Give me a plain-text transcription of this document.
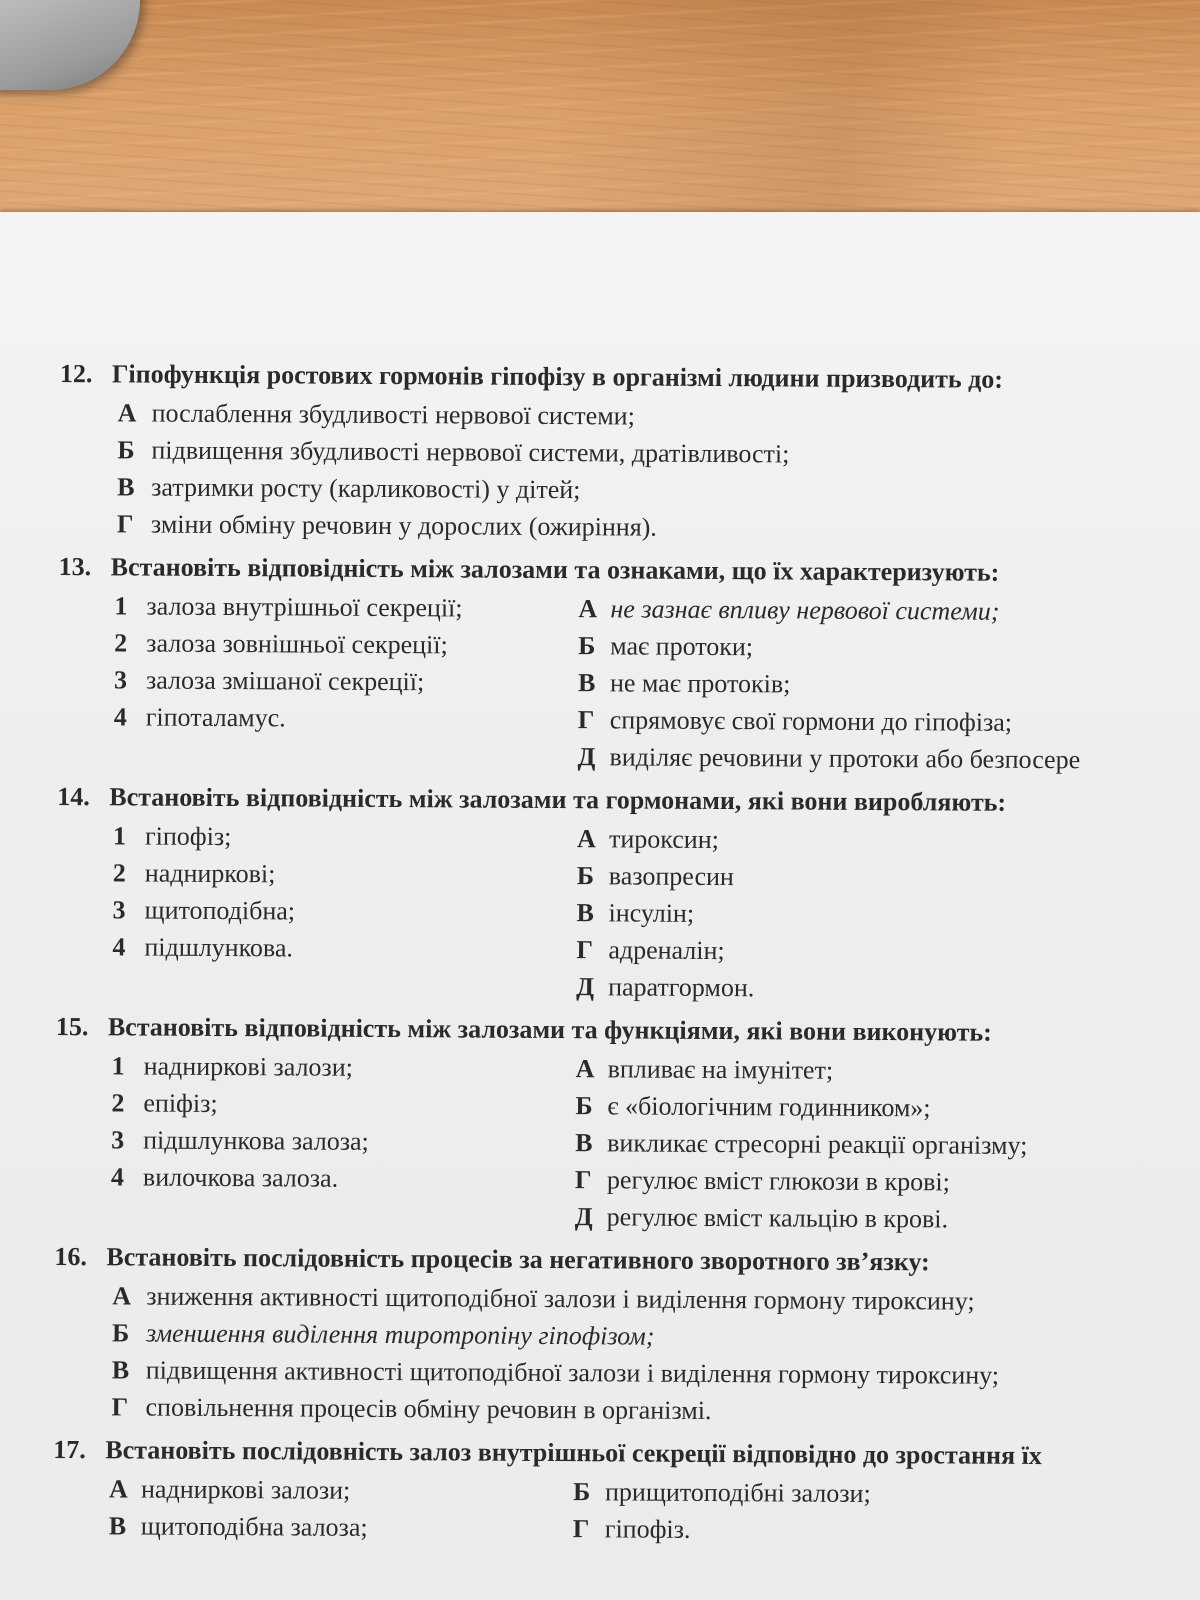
12. Гіпофункція ростових гормонів гіпофізу в організмі людини призводить до:
А послаблення збудливості нервової системи;
Б підвищення збудливості нервової системи, дратівливості;
В затримки росту (карликовості) у дітей;
Г зміни обміну речовин у дорослих (ожиріння).
13. Встановіть відповідність між залозами та ознаками, що їх характеризують:
1 залоза внутрішньої секреції;	А не зазнає впливу нервової системи;
2 залоза зовнішньої секреції;	Б має протоки;
3 залоза змішаної секреції;	В не має протоків;
4 гіпоталамус.	Г спрямовує свої гормони до гіпофіза;
Д виділяє речовини у протоки або безпосере
14. Встановіть відповідність між залозами та гормонами, які вони виробляють:
1 гіпофіз;	А тироксин;
2 надниркові;	Б вазопресин
3 щитоподібна;	В інсулін;
4 підшлункова.	Г адреналін;
Д паратгормон.
15. Встановіть відповідність між залозами та функціями, які вони виконують:
1 надниркові залози;	А впливає на імунітет;
2 епіфіз;	Б є «біологічним годинником»;
3 підшлункова залоза;	В викликає стресорні реакції організму;
4 вилочкова залоза.	Г регулює вміст глюкози в крові;
Д регулює вміст кальцію в крові.
16. Встановіть послідовність процесів за негативного зворотного зв’язку:
А зниження активності щитоподібної залози і виділення гормону тироксину;
Б зменшення виділення тиротропіну гіпофізом;
В підвищення активності щитоподібної залози і виділення гормону тироксину;
Г сповільнення процесів обміну речовин в організмі.
17. Встановіть послідовність залоз внутрішньої секреції відповідно до зростання їх
А надниркові залози;	Б прищитоподібні залози;
В щитоподібна залоза;	Г гіпофіз.
